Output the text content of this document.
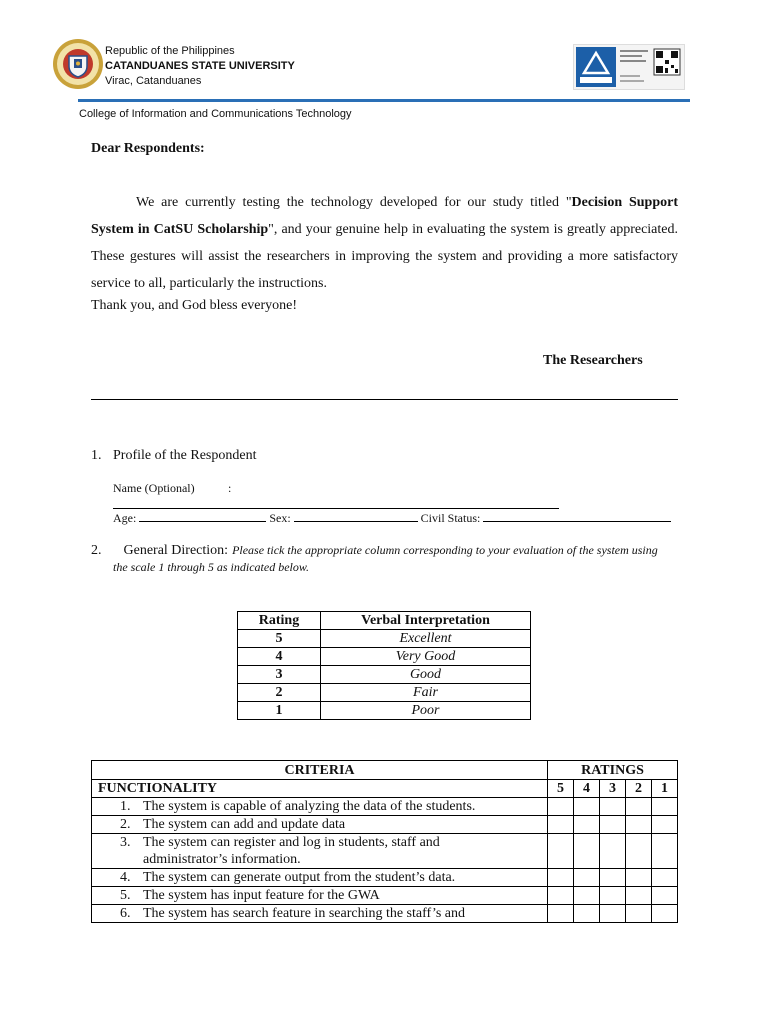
Republic of the Philippines
CATANDUANES STATE UNIVERSITY
Virac, Catanduanes
College of Information and Communications Technology
Dear Respondents:
We are currently testing the technology developed for our study titled "Decision Support System in CatSU Scholarship", and your genuine help in evaluating the system is greatly appreciated. These gestures will assist the researchers in improving the system and providing a more satisfactory service to all, particularly the instructions.
Thank you, and God bless everyone!
The Researchers
1. Profile of the Respondent
Name (Optional)	:
Age:	Sex:	Civil Status:
2. General Direction: Please tick the appropriate column corresponding to your evaluation of the system using
the scale 1 through 5 as indicated below.
Rating	Verbal Interpretation
5	Excellent
4	Very Good
3	Good
2	Fair
1	Poor
CRITERIA	RATINGS				
FUNCTIONALITY	5	4	3	2	1

1. The system is capable of analyzing the data of the students.					

2. The system can add and update data					

3. The system can register and log in students, staff and
administrator’s information.					

4. The system can generate output from the student’s data.					

5. The system has input feature for the GWA					

6. The system has search feature in searching the staff’s and					
